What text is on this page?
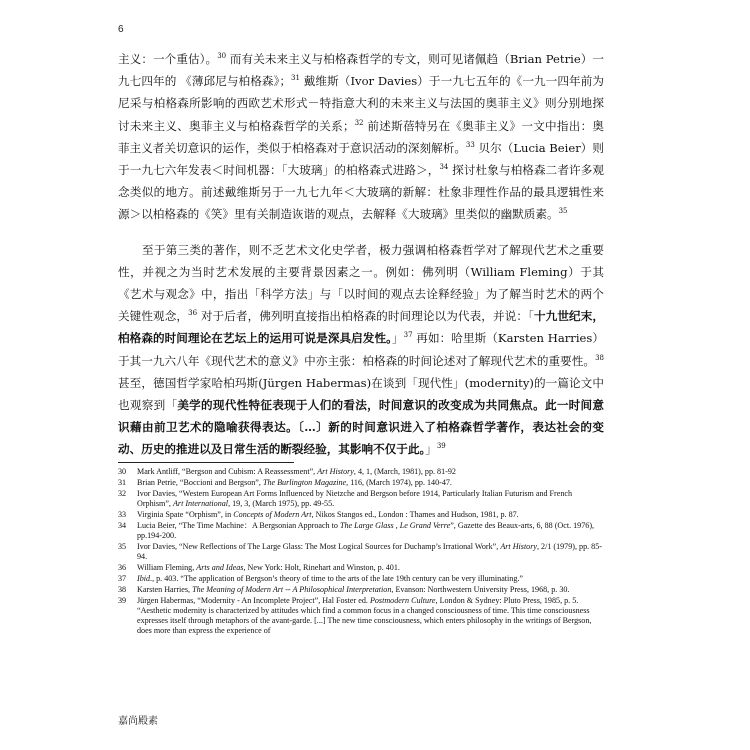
6

主义：一个重估）。$^{30}$ 而有关未来主义与柏格森哲学的专文，则可见诸佩趋（Brian Petrie）一九七四年的 《薄邱尼与柏格森》；$^{31}$ 戴维斯（Ivor Davies）于一九七五年的《一九一四年前为尼采与柏格森所影响的西欧艺术形式－特指意大利的未来主义与法国的奥菲主义》则分别地探讨未来主义、奥菲主义与柏格森哲学的关系；$^{32}$ 前述斯蓓特另在《奥菲主义》一文中指出：奥菲主义者关切意识的运作，类似于柏格森对于意识活动的深刻解析。$^{33}$ 贝尔（Lucia Beier）则于一九七六年发表＜时间机器：「大玻璃」的柏格森式进路＞，$^{34}$ 探讨杜象与柏格森二者许多观念类似的地方。前述戴维斯另于一九七九年＜大玻璃的新解：杜象非理性作品的最具逻辑性来源＞以柏格森的《笑》里有关制造诙谐的观点，去解释《大玻璃》里类似的幽默质素。$^{35}$

至于第三类的著作，则不乏艺术文化史学者，极力强调柏格森哲学对了解现代艺术之重要性，并视之为当时艺术发展的主要背景因素之一。例如：佛列明（William Fleming）于其《艺术与观念》中，指出「科学方法」与「以时间的观点去诠释经验」为了解当时艺术的两个关键性观念，$^{36}$ 对于后者，佛列明直接指出柏格森的时间理论以为代表，并说：「十九世纪末，柏格森的时间理论在艺坛上的运用可说是深具启发性。」$^{37}$ 再如：哈里斯（Karsten Harries）于其一九六八年《现代艺术的意义》中亦主张：柏格森的时间论述对了解现代艺术的重要性。$^{38}$ 甚至，德国哲学家哈柏玛斯(Jürgen Habermas)在谈到「现代性」(modernity)的一篇论文中也观察到「美学的现代性特征表现于人们的看法，时间意识的改变成为共同焦点。此一时间意识藉由前卫艺术的隐喻获得表达。〔…〕新的时间意识进入了柏格森哲学著作，表达社会的变动、历史的推进以及日常生活的断裂经验，其影响不仅于此。」$^{39}$

30 Mark Antliff, “Bergson and Cubism: A Reassessment”, Art History, 4, 1, (March, 1981), pp. 81-92
31 Brian Petrie, “Boccioni and Bergson”, The Burlington Magazine, 116, (March 1974), pp. 140-47.
32 Ivor Davies, “Western European Art Forms Influenced by Nietzche and Bergson before 1914, Particularly Italian Futurism and French Orphism”, Art International, 19, 3, (March 1975), pp. 49-55.
33 Virginia Spate “Orphism”, in Concepts of Modern Art, Nikos Stangos ed., London : Thames and Hudson, 1981, p. 87.
34 Lucia Beier, “The Time Machine：A Bergsonian Approach to The Large Glass , Le Grand Verre”, Gazette des Beaux-arts, 6, 88 (Oct. 1976), pp.194-200.
35 Ivor Davies, “New Reflections of The Large Glass: The Most Logical Sources for Duchamp’s Irrational Work”, Art History, 2/1 (1979), pp. 85-94.
36 William Fleming, Arts and Ideas, New York: Holt, Rinehart and Winston, p. 401.
37 Ibid., p. 403. “The application of Bergson’s theory of time to the arts of the late 19th century can be very illuminating.”
38 Karsten Harries, The Meaning of Modern Art -- A Philosophical Interpretation, Evanson: Northwestern University Press, 1968, p. 30.
39 Jürgen Habermas, “Modernity - An Incomplete Project”, Hal Foster ed. Postmodern Culture, London & Sydney: Pluto Press, 1985, p. 5. “Aesthetic modernity is characterized by attitudes which find a common focus in a changed consciousness of time. This time consciousness expresses itself through metaphors of the avant-garde. [...] The new time consciousness, which enters philosophy in the writings of Bergson, does more than express the experience of
嘉尚殿素
